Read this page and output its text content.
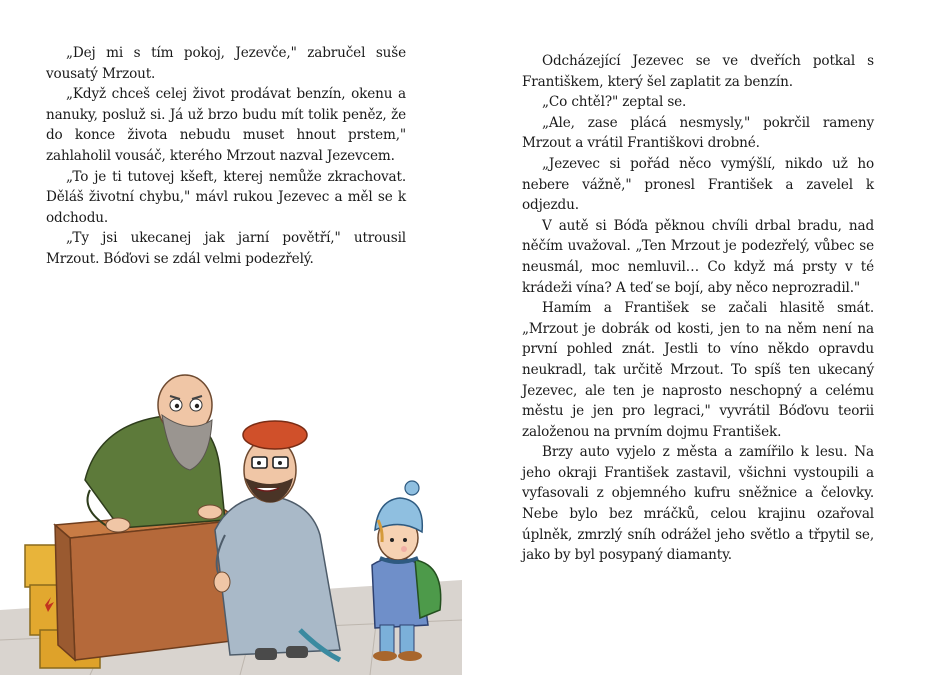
„Dej mi s tím pokoj, Jezevče," zabručel suše vousatý Mrzout.

„Když chceš celej život prodávat benzín, okenu a nanuky, posluž si. Já už brzo budu mít tolik peněz, že do konce života nebudu muset hnout prstem," zahlaholil vousáč, kterého Mrzout nazval Jezevcem.

„To je ti tutovej kšeft, kterej nemůže zkrachovat. Děláš životní chybu," mávl rukou Jezevec a měl se k odchodu.

„Ty jsi ukecanej jak jarní povětří," utrousil Mrzout. Bóďovi se zdál velmi podezřelý.

Odcházející Jezevec se ve dveřích potkal s Františkem, který šel zaplatit za benzín.

„Co chtěl?" zeptal se.

„Ale, zase plácá nesmysly," pokrčil rameny Mrzout a vrátil Františkovi drobné.

„Jezevec si pořád něco vymýšlí, nikdo už ho nebere vážně," pronesl František a zavelel k odjezdu.

V autě si Bóďa pěknou chvíli drbal bradu, nad něčím uvažoval. „Ten Mrzout je podezřelý, vůbec se neusmál, moc nemluvil… Co když má prsty v té krádeži vína? A teď se bojí, aby něco neprozradil."

Hamím a František se začali hlasitě smát. „Mrzout je dobrák od kosti, jen to na něm není na první pohled znát. Jestli to víno někdo opravdu neukradl, tak určitě Mrzout. To spíš ten ukecaný Jezevec, ale ten je naprosto neschopný a celému městu je jen pro legraci," vyvrátil Bóďovu teorii založenou na prvním dojmu František.

Brzy auto vyjelo z města a zamířilo k lesu. Na jeho okraji František zastavil, všichni vystoupili a vyfasovali z objemného kufru sněžnice a čelovky. Nebe bylo bez mráčků, celou krajinu ozařoval úplněk, zmrzlý sníh odrážel jeho světlo a třpytil se, jako by byl posypaný diamanty.
